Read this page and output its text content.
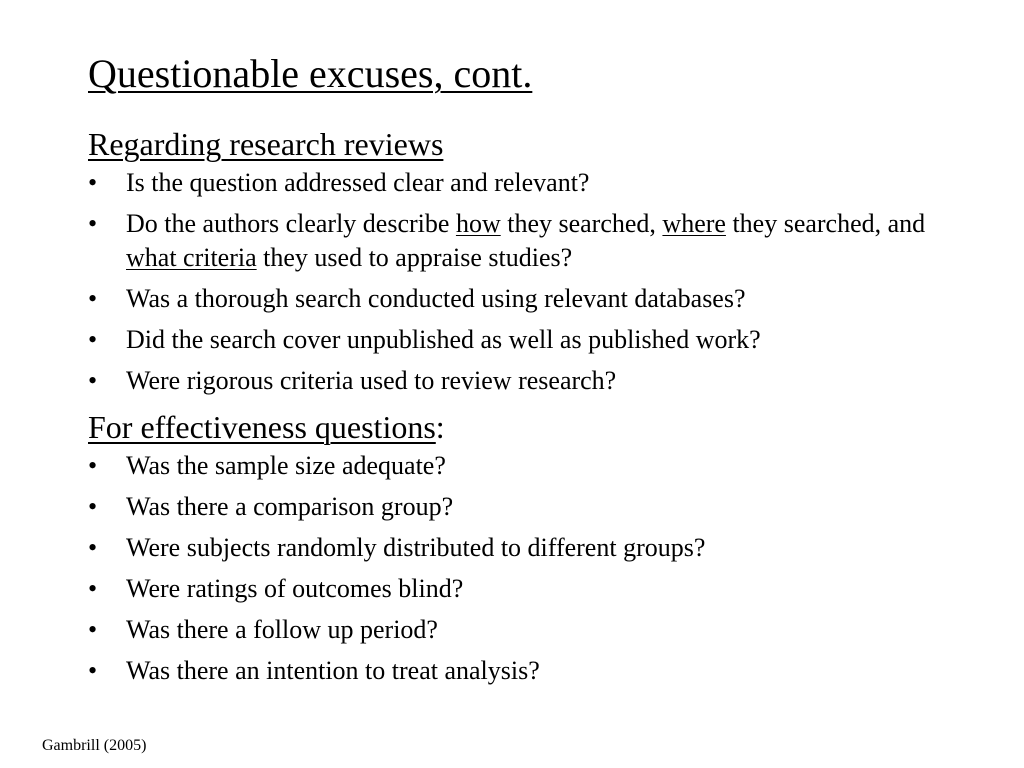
Questionable excuses, cont.
Regarding research reviews
•	Is the question addressed clear and relevant?
•	Do the authors clearly describe how they searched, where they searched, and what criteria they used to appraise studies?
•	Was a thorough search conducted using relevant databases?
•	Did the search cover unpublished as well as published work?
•	Were rigorous criteria used to review research?
For effectiveness questions:
•	Was the sample size adequate?
•	Was there a comparison group?
•	Were subjects randomly distributed to different groups?
•	Were ratings of outcomes blind?
•	Was there a follow up period?
•	Was there an intention to treat analysis?
Gambrill (2005)
